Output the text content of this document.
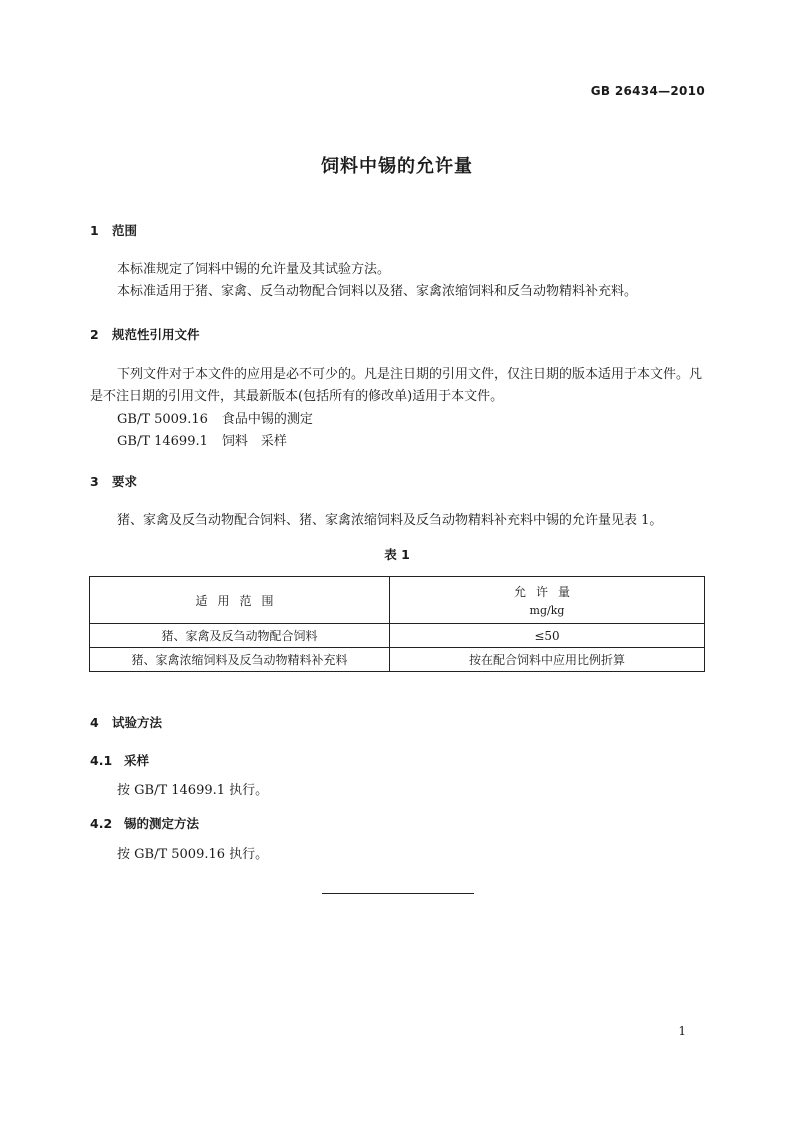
GB 26434—2010
饲料中锡的允许量
1 范围
本标准规定了饲料中锡的允许量及其试验方法。
本标准适用于猪、家禽、反刍动物配合饲料以及猪、家禽浓缩饲料和反刍动物精料补充料。
2 规范性引用文件
下列文件对于本文件的应用是必不可少的。凡是注日期的引用文件，仅注日期的版本适用于本文件。凡是不注日期的引用文件，其最新版本(包括所有的修改单)适用于本文件。
GB/T 5009.16 食品中锡的测定
GB/T 14699.1 饲料　采样
3 要求
猪、家禽及反刍动物配合饲料、猪、家禽浓缩饲料及反刍动物精料补充料中锡的允许量见表 1。
表 1
适用范围	允许量
mg/kg

猪、家禽及反刍动物配合饲料	≤50
猪、家禽浓缩饲料及反刍动物精料补充料	按在配合饲料中应用比例折算
4 试验方法
4.1 采样
按 GB/T 14699.1 执行。
4.2 锡的测定方法
按 GB/T 5009.16 执行。
1
